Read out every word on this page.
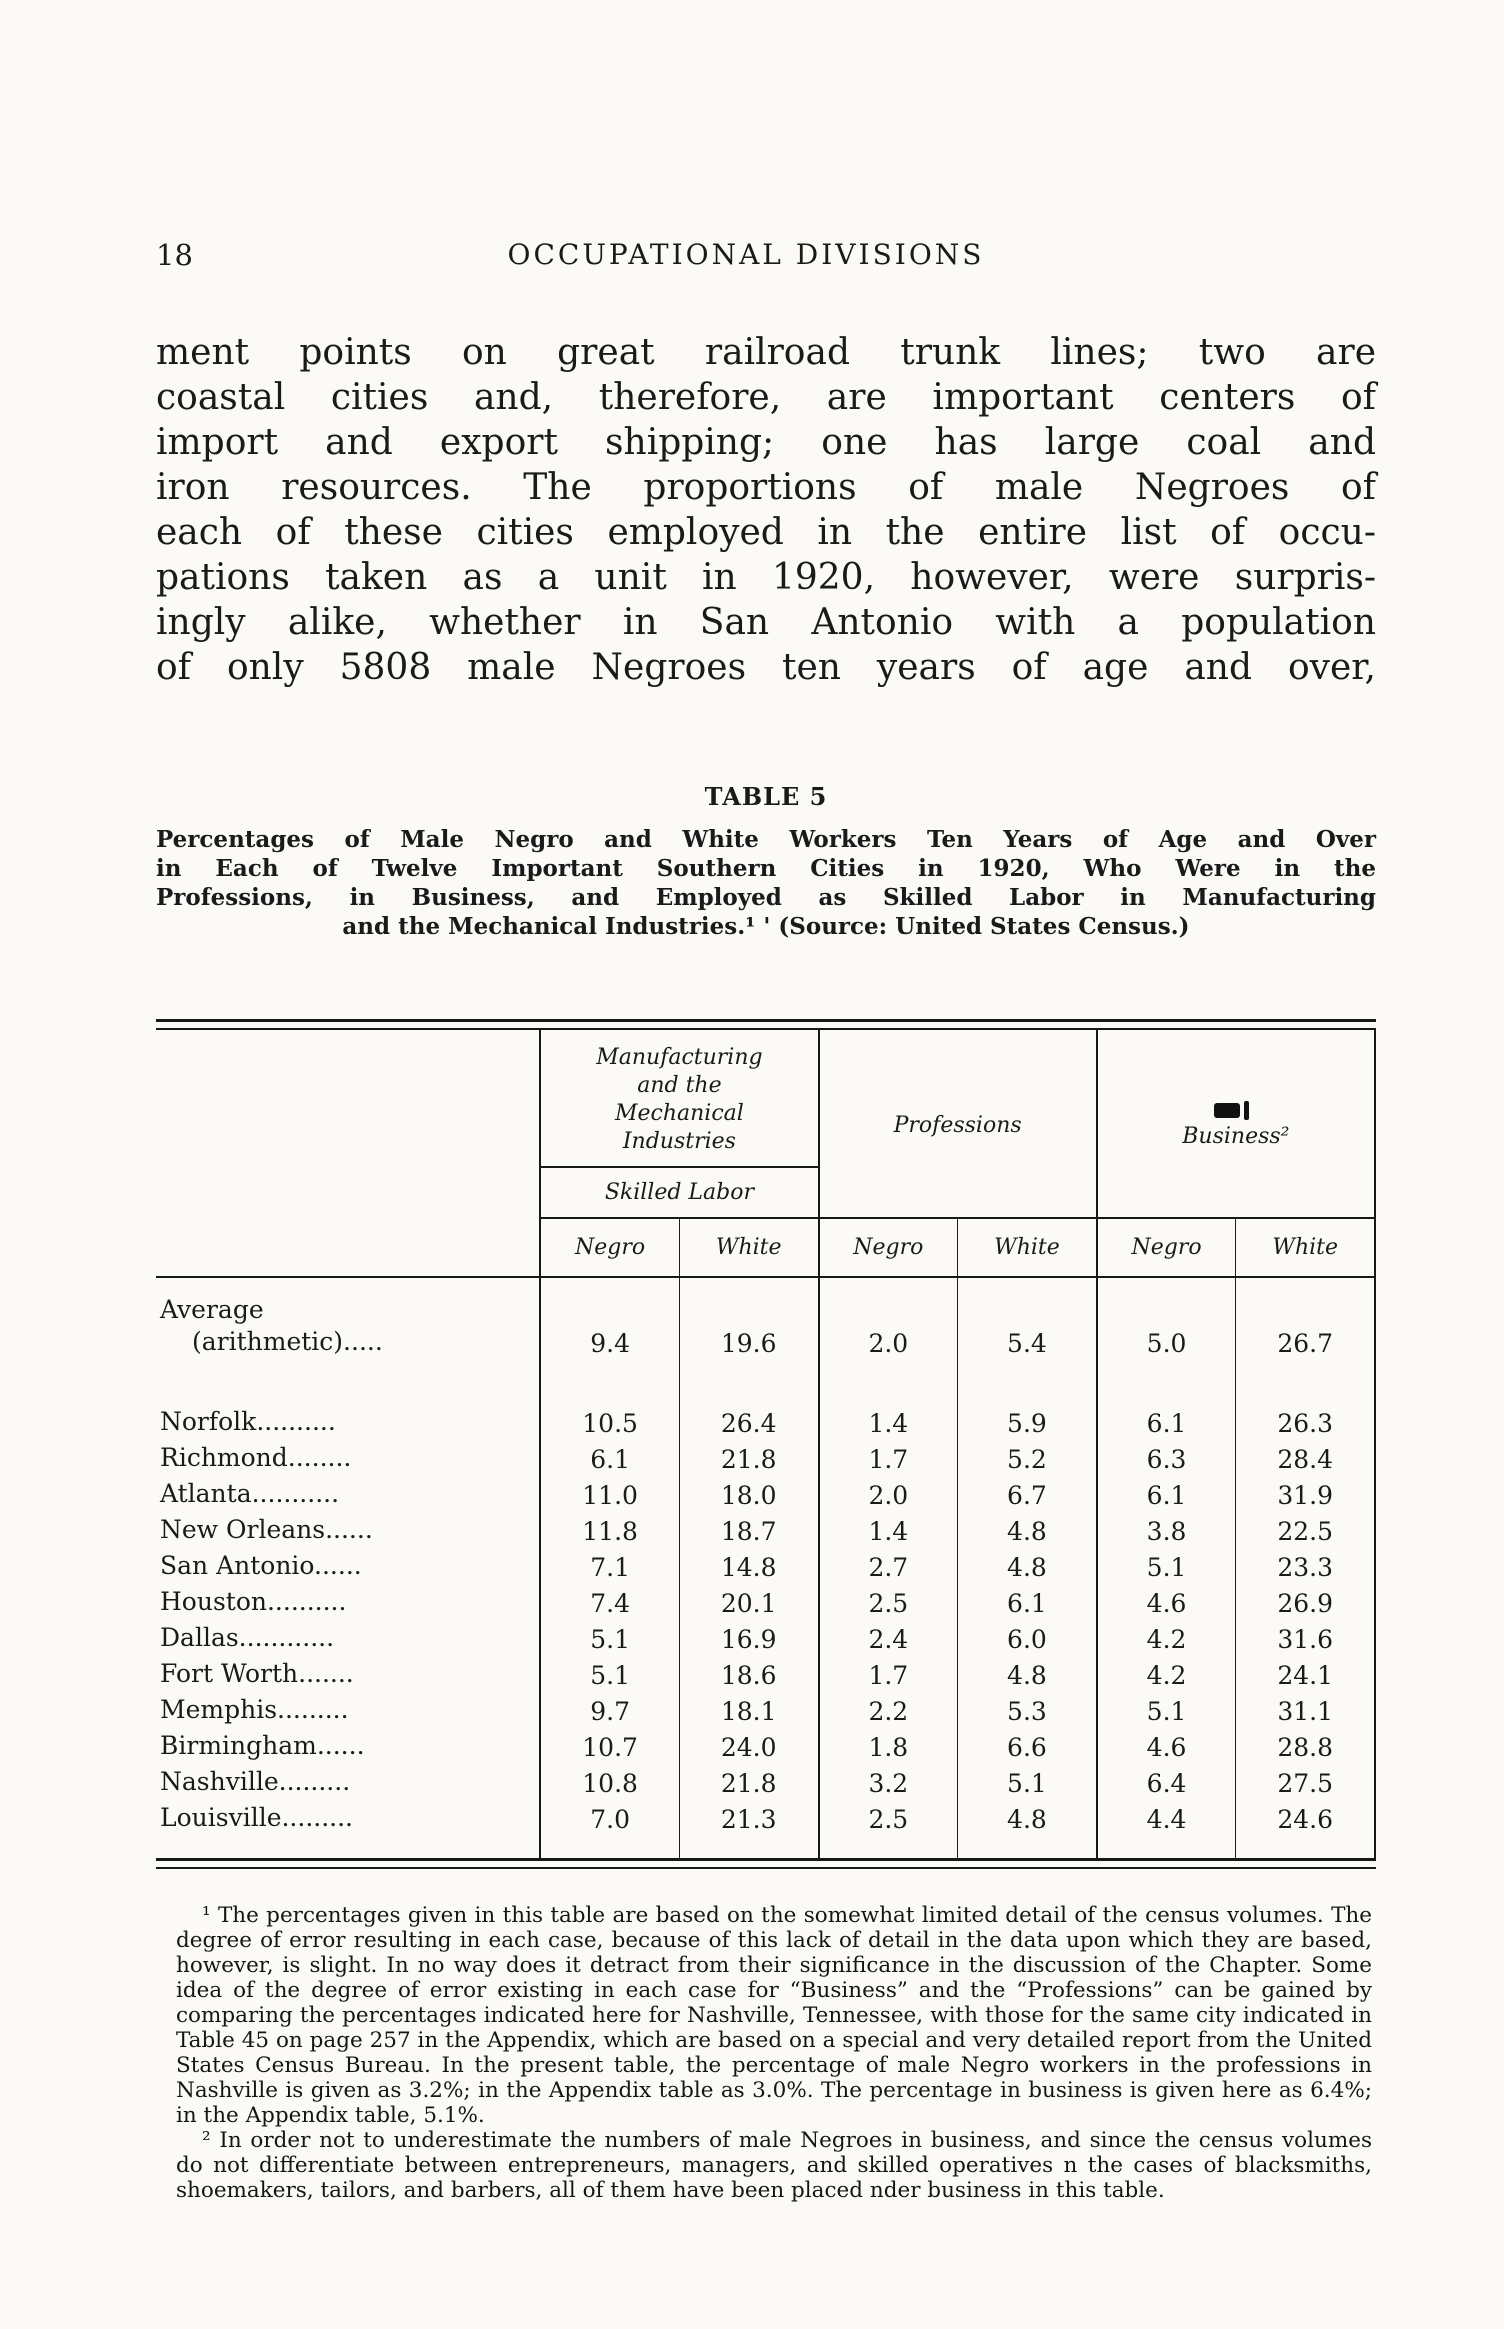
18	OCCUPATIONAL DIVISIONS
ment points on great railroad trunk lines; two are
coastal cities and, therefore, are important centers of
import and export shipping; one has large coal and
iron resources. The proportions of male Negroes of
each of these cities employed in the entire list of occu-
pations taken as a unit in 1920, however, were surpris-
ingly alike, whether in San Antonio with a population
of only 5808 male Negroes ten years of age and over,
TABLE 5
Percentages of Male Negro and White Workers Ten Years of Age and Over
in Each of Twelve Important Southern Cities in 1920, Who Were in the
Professions, in Business, and Employed as Skilled Labor in Manufacturing
and the Mechanical Industries.¹ ' (Source: United States Census.)

	Manufacturing and the Mechanical Industries		Professions		Business²	
	Skilled Labor					
	Negro	White	Negro	White	Negro	White

Average
(arithmetic).....	9.4	19.6	2.0	5.4	5.0	26.7
Norfolk..........	10.5	26.4	1.4	5.9	6.1	26.3
Richmond........	6.1	21.8	1.7	5.2	6.3	28.4
Atlanta...........	11.0	18.0	2.0	6.7	6.1	31.9
New Orleans......	11.8	18.7	1.4	4.8	3.8	22.5
San Antonio......	7.1	14.8	2.7	4.8	5.1	23.3
Houston..........	7.4	20.1	2.5	6.1	4.6	26.9
Dallas............	5.1	16.9	2.4	6.0	4.2	31.6
Fort Worth.......	5.1	18.6	1.7	4.8	4.2	24.1
Memphis.........	9.7	18.1	2.2	5.3	5.1	31.1
Birmingham......	10.7	24.0	1.8	6.6	4.6	28.8
Nashville.........	10.8	21.8	3.2	5.1	6.4	27.5
Louisville.........	7.0	21.3	2.5	4.8	4.4	24.6

¹ The percentages given in this table are based on the somewhat limited detail of the census volumes. The degree of error resulting in each case, because of this lack of detail in the data upon which they are based, however, is slight. In no way does it detract from their significance in the discussion of the Chapter. Some idea of the degree of error existing in each case for “Business” and the “Professions” can be gained by comparing the percentages indicated here for Nashville, Tennessee, with those for the same city indicated in Table 45 on page 257 in the Appendix, which are based on a special and very detailed report from the United States Census Bureau. In the present table, the percentage of male Negro workers in the professions in Nashville is given as 3.2%; in the Appendix table as 3.0%. The percentage in business is given here as 6.4%; in the Appendix table, 5.1%.

² In order not to underestimate the numbers of male Negroes in business, and since the census volumes do not differentiate between entrepreneurs, managers, and skilled operatives n the cases of blacksmiths, shoemakers, tailors, and barbers, all of them have been placed nder business in this table.
